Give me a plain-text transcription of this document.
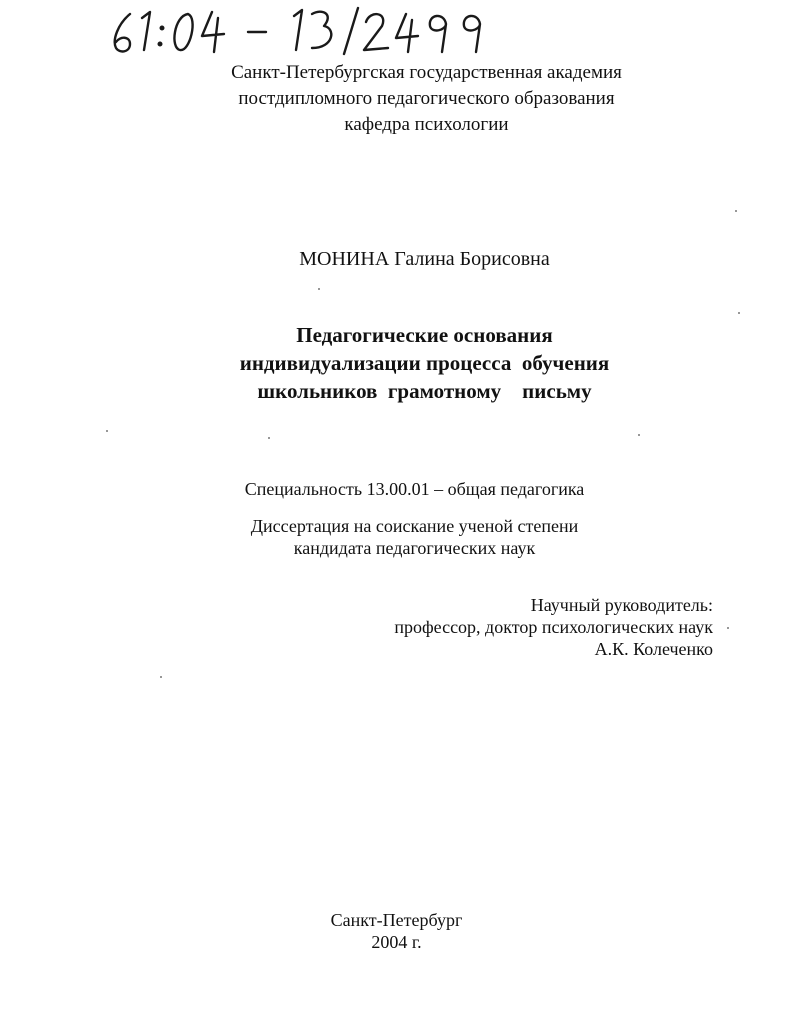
Санкт-Петербургская государственная академия
постдипломного педагогического образования
кафедра психологии
МОНИНА Галина Борисовна
Педагогические основания
индивидуализации процесса  обучения
школьников  грамотному    письму
Специальность 13.00.01 – общая педагогика
Диссертация на соискание ученой степени
кандидата педагогических наук
Научный руководитель:
профессор, доктор психологических наук
А.К. Колеченко
Санкт-Петербург
2004 г.
